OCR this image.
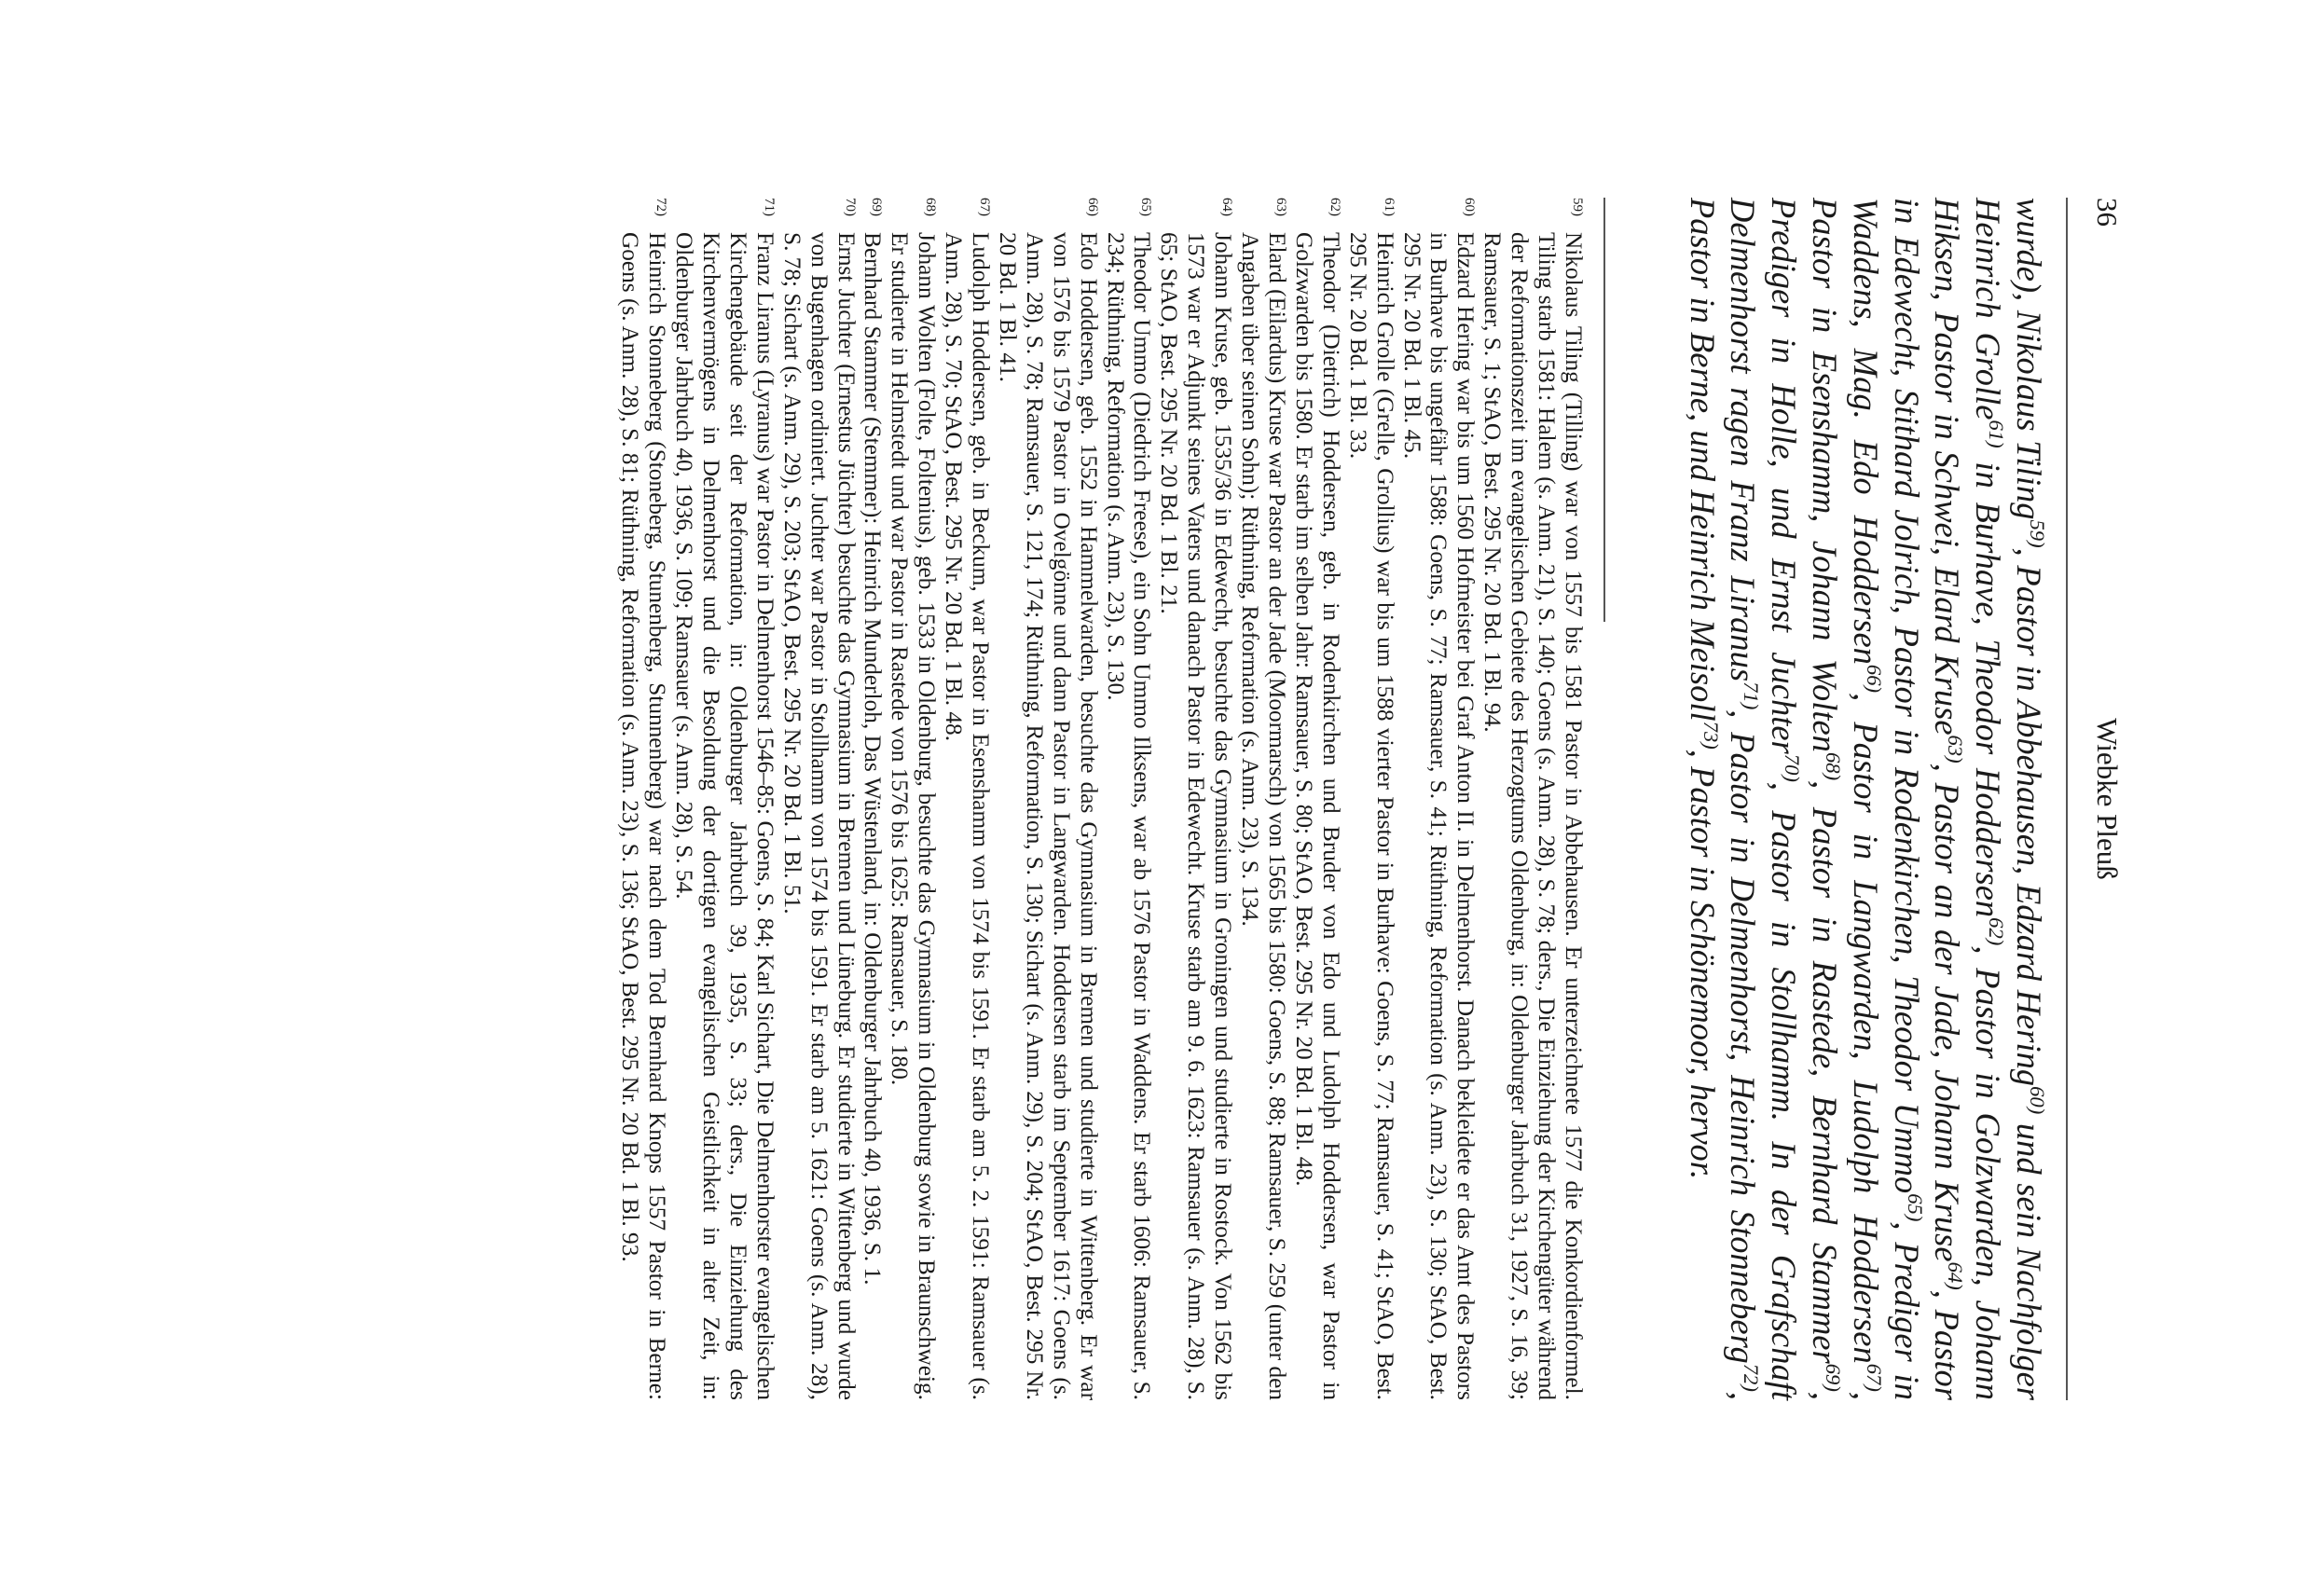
36
Wiebke Pleuß

wurde), Nikolaus Tiling$^{59)}$, Pastor in Abbehausen, Edzard Hering$^{60)}$ und sein Nachfolger Heinrich Grolle$^{61)}$ in Burhave, Theodor Hoddersen$^{62)}$, Pastor in Golzwarden, Johann Hiksen, Pastor in Schwei, Elard Kruse$^{63)}$, Pastor an der Jade, Johann Kruse$^{64)}$, Pastor in Edewecht, Stithard Jolrich, Pastor in Rodenkirchen, Theodor Ummo$^{65)}$, Prediger in Waddens, Mag. Edo Hoddersen$^{66)}$, Pastor in Langwarden, Ludolph Hoddersen$^{67)}$, Pastor in Esenshamm, Johann Wolten$^{68)}$, Pastor in Rastede, Bernhard Stammer$^{69)}$, Prediger in Holle, und Ernst Juchter$^{70)}$, Pastor in Stollhamm. In der Grafschaft Delmenhorst ragen Franz Liranus$^{71)}$, Pastor in Delmenhorst, Heinrich Stonneberg$^{72)}$, Pastor in Berne, und Heinrich Meisoll$^{73)}$, Pastor in Schönemoor, hervor.

59)
Nikolaus Tiling (Tilling) war von 1557 bis 1581 Pastor in Abbehausen. Er unterzeichnete 1577 die Konkordienformel. Tiling starb 1581: Halem (s. Anm. 21), S. 140; Goens (s. Anm. 28), S. 78; ders., Die Einziehung der Kirchengüter während der Reformationszeit im evangelischen Gebiete des Herzogtums Oldenburg, in: Oldenburger Jahrbuch 31, 1927, S. 16, 39; Ramsauer, S. 1; StAO, Best. 295 Nr. 20 Bd. 1 Bl. 94.
60)
Edzard Hering war bis um 1560 Hofmeister bei Graf Anton II. in Delmenhorst. Danach bekleidete er das Amt des Pastors in Burhave bis ungefähr 1588: Goens, S. 77; Ramsauer, S. 41; Rüthning, Reformation (s. Anm. 23), S. 130; StAO, Best. 295 Nr. 20 Bd. 1 Bl. 45.
61)
Heinrich Grolle (Grelle, Grollius) war bis um 1588 vierter Pastor in Burhave: Goens, S. 77; Ramsauer, S. 41; StAO, Best. 295 Nr. 20 Bd. 1 Bl. 33.
62)
Theodor (Dietrich) Hoddersen, geb. in Rodenkirchen und Bruder von Edo und Ludolph Hoddersen, war Pastor in Golzwarden bis 1580. Er starb im selben Jahr: Ramsauer, S. 80; StAO, Best. 295 Nr. 20 Bd. 1 Bl. 48.
63)
Elard (Eilardus) Kruse war Pastor an der Jade (Moormarsch) von 1565 bis 1580: Goens, S. 88; Ramsauer, S. 259 (unter den Angaben über seinen Sohn); Rüthning, Reformation (s. Anm. 23), S. 134.
64)
Johann Kruse, geb. 1535/36 in Edewecht, besuchte das Gymnasium in Groningen und studierte in Rostock. Von 1562 bis 1573 war er Adjunkt seines Vaters und danach Pastor in Edewecht. Kruse starb am 9. 6. 1623: Ramsauer (s. Anm. 28), S. 65; StAO, Best. 295 Nr. 20 Bd. 1 Bl. 21.
65)
Theodor Ummo (Diedrich Freese), ein Sohn Ummo Ilksens, war ab 1576 Pastor in Waddens. Er starb 1606: Ramsauer, S. 234; Rüthning, Reformation (s. Anm. 23), S. 130.
66)
Edo Hoddersen, geb. 1552 in Hammelwarden, besuchte das Gymnasium in Bremen und studierte in Wittenberg. Er war von 1576 bis 1579 Pastor in Ovelgönne und dann Pastor in Langwarden. Hoddersen starb im September 1617: Goens (s. Anm. 28), S. 78; Ramsauer, S. 121, 174; Rüthning, Reformation, S. 130; Sichart (s. Anm. 29), S. 204; StAO, Best. 295 Nr. 20 Bd. 1 Bl. 41.
67)
Ludolph Hoddersen, geb. in Beckum, war Pastor in Esenshamm von 1574 bis 1591. Er starb am 5. 2. 1591: Ramsauer (s. Anm. 28), S. 70; StAO, Best. 295 Nr. 20 Bd. 1 Bl. 48.
68)
Johann Wolten (Folte, Foltenius), geb. 1533 in Oldenburg, besuchte das Gymnasium in Oldenburg sowie in Braunschweig. Er studierte in Helmstedt und war Pastor in Rastede von 1576 bis 1625: Ramsauer, S. 180.
69)
Bernhard Stammer (Stemmer): Heinrich Munderloh, Das Wüstenland, in: Oldenburger Jahrbuch 40, 1936, S. 1.
70)
Ernst Juchter (Ernestus Jüchter) besuchte das Gymnasium in Bremen und Lüneburg. Er studierte in Wittenberg und wurde von Bugenhagen ordiniert. Juchter war Pastor in Stollhamm von 1574 bis 1591. Er starb am 5. 1621: Goens (s. Anm. 28), S. 78; Sichart (s. Anm. 29), S. 203; StAO, Best. 295 Nr. 20 Bd. 1 Bl. 51.
71)
Franz Liranus (Lyranus) war Pastor in Delmenhorst 1546–85: Goens, S. 84; Karl Sichart, Die Delmenhorster evangelischen Kirchengebäude seit der Reformation, in: Oldenburger Jahrbuch 39, 1935, S. 33; ders., Die Einziehung des Kirchenvermögens in Delmenhorst und die Besoldung der dortigen evangelischen Geistlichkeit in alter Zeit, in: Oldenburger Jahrbuch 40, 1936, S. 109; Ramsauer (s. Anm. 28), S. 54.
72)
Heinrich Stonneberg (Stoneberg, Stunenberg, Stunnenberg) war nach dem Tod Bernhard Knops 1557 Pastor in Berne: Goens (s. Anm. 28), S. 81; Rüthning, Reformation (s. Anm. 23), S. 136; StAO, Best. 295 Nr. 20 Bd. 1 Bl. 93.
